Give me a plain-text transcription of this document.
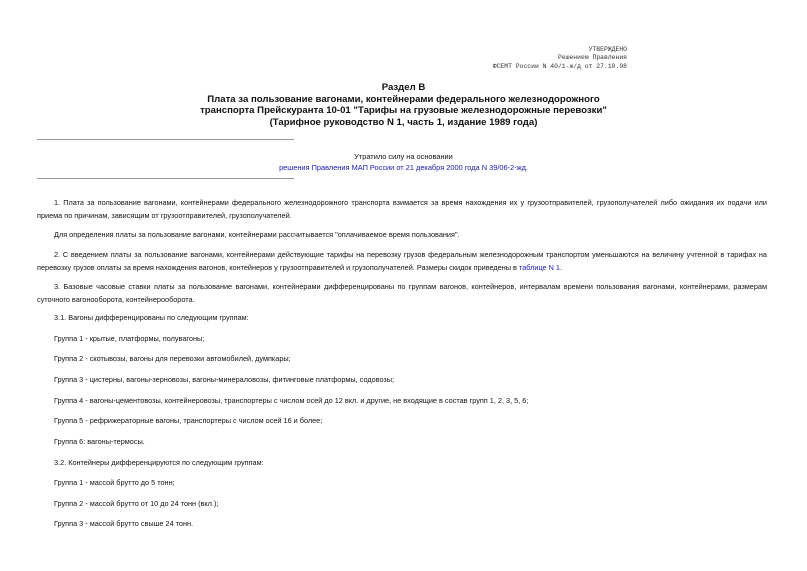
УТВЕРЖДЕНО
Решением Правления
ФСЕМТ России N 40/1-ж/д от 27.10.98
Раздел В
Плата за пользование вагонами, контейнерами федерального железнодорожного
транспорта Прейскуранта 10-01 "Тарифы на грузовые железнодорожные перевозки"
(Тарифное руководство N 1, часть 1, издание 1989 года)
Утратило силу на основании
решения Правления МАП России от 21 декабря 2000 года N 39/06-2-жд.
1. Плата за пользование вагонами, контейнерами федерального железнодорожного транспорта взимается за время нахождения их у грузоотправителей, грузополучателей либо ожидания их подачи или приема по причинам, зависящим от грузоотправителей, грузополучателей.
Для определения платы за пользование вагонами, контейнерами рассчитывается "оплачиваемое время пользования".
2. С введением платы за пользование вагонами, контейнерами действующие тарифы на перевозку грузов федеральным железнодорожным транспортом уменьшаются на величину учтенной в тарифах на перевозку грузов оплаты за время нахождения вагонов, контейнеров у грузоотправителей и грузополучателей. Размеры скидок приведены в таблице N 1.
3. Базовые часовые ставки платы за пользование вагонами, контейнерами дифференцированы по группам вагонов, контейнеров, интервалам времени пользования вагонами, контейнерами, размерам суточного вагонооборота, контейнерооборота.
3.1. Вагоны дифференцированы по следующим группам:
Группа 1 - крытые, платформы, полувагоны;
Группа 2 - скотывозы, вагоны для перевозки автомобилей, думпкары;
Группа 3 - цистерны, вагоны-зерновозы, вагоны-минераловозы, фитинговые платформы, содовозы;
Группа 4 - вагоны-цементовозы, контейнеровозы, транспортеры с числом осей до 12 вкл. и другие, не входящие в состав групп 1, 2, 3, 5, 6;
Группа 5 - рефрижераторные вагоны, транспортеры с числом осей 16 и более;
Группа 6: вагоны-термосы.
3.2. Контейнеры дифференцируются по следующим группам:
Группа 1 - массой брутто до 5 тонн;
Группа 2 - массой брутто от 10 до 24 тонн (вкл.);
Группа 3 - массой брутто свыше 24 тонн.
